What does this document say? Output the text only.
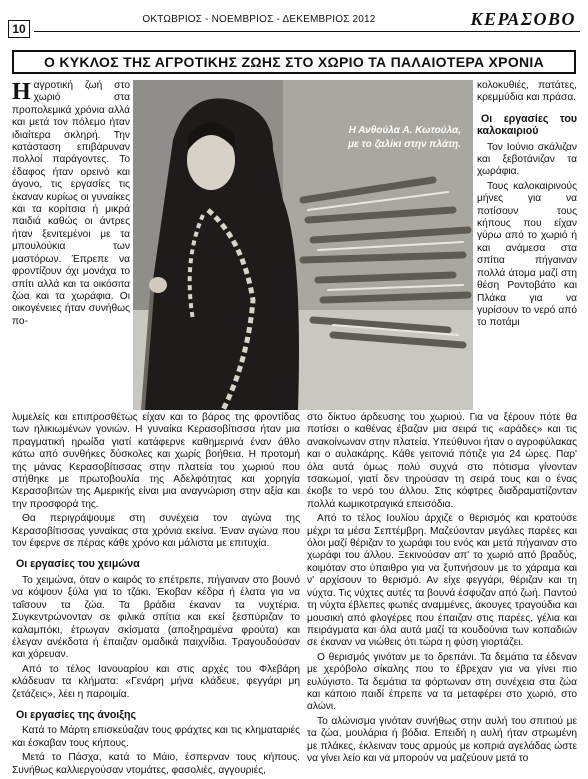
10
ΟΚΤΩΒΡΙΟΣ - ΝΟΕΜΒΡΙΟΣ - ΔΕΚΕΜΒΡΙΟΣ 2012	ΚΕΡΑΣΟΒΟ
Ο ΚΥΚΛΟΣ ΤΗΣ ΑΓΡΟΤΙΚΗΣ ΖΩΗΣ ΣΤΟ ΧΩΡΙΟ ΤΑ ΠΑΛΑΙΟΤΕΡΑ ΧΡΟΝΙΑ
Η Ανθούλα Α. Κωτούλα,
με το ζαλίκι στην πλάτη.

Ηαγροτική ζωή στο χωριό στα προπολεμικά χρόνια αλλά και μετά τον πόλεμο ήταν ιδιαίτερα σκληρή. Την κατάσταση επιβάρυναν πολλοί παράγοντες. Το έδαφος ήταν ορεινό και άγονο, τις εργασίες τις έκαναν κυρίως οι γυναίκες και τα κορίτσια ή μικρά παιδιά καθώς οι άντρες ήταν ξενιτεμένοι με τα μπουλούκια των μαστόρων. Έπρεπε να φροντίζουν όχι μονάχα το σπίτι αλλά και τα οικόσιτα ζώα και τα χωράφια. Οι οικογένειες ήταν συνήθως πο-

λυμελείς και επιπροσθέτως είχαν και το βάρος της φροντίδας των ηλικιωμένων γονιών. Η γυναίκα Κερασοβίτισσα ήταν μια πραγματική ηρωίδα γιατί κατάφερνε καθημερινά έναν άθλο κάτω από συνθήκες δύσκολες και χωρίς βοήθεια. Η προτομή της μάνας Κερασοβίτισσας στην πλατεία του χωριού που στήθηκε με πρωτοβουλία της Αδελφότητας και χορηγία Κερασοβιτών της Αμερικής είναι μια αναγνώριση στην αξία και την προσφορά της.

Θα περιγράψουμε στη συνέχεια τον αγώνα της Κερασοβίτισσας γυναίκας στα χρόνια εκείνα. Έναν αγώνα που τον έφερνε σε πέρας κάθε χρόνο και μάλιστα με επιτυχία.

Οι εργασίες του χειμώνα

Το χειμώνα, όταν ο καιρός το επέτρεπε, πήγαιναν στο βουνό να κόψουν ξύλα για το τζάκι. Έκοβαν κέδρα ή έλατα για να ταΐσουν τα ζώα. Τα βράδια έκαναν τα νυχτέρια. Συγκεντρώνονταν σε φιλικά σπίτια και εκεί ξεσπύριζαν το καλαμπόκι, έτρωγαν σκίσματα (αποξηραμένα φρούτα) και έλεγαν ανέκδοτα ή έπαιζαν ομαδικά παιχνίδια. Τραγουδούσαν και χόρευαν.

Από το τέλος Ιανουαρίου και στις αρχές του Φλεβάρη κλάδευαν τα κλήματα: «Γενάρη μήνα κλάδευε, φεγγάρι μη ζετάζεις», λέει η παροιμία.

Οι εργασίες της άνοιξης

Κατά το Μάρτη επισκεύαζαν τους φράχτες και τις κληματαριές και έσκαβαν τους κήπους.

Μετά το Πάσχα, κατά το Μάιο, έσπερναν τους κήπους. Συνήθως καλλιεργούσαν ντομάτες, φασολιές, αγγουριές,

κολοκυθιές, πατάτες, κρεμμύδια και πράσα.

Οι εργασίες του καλοκαιριού

Τον Ιούνιο σκάλιζαν και ξεβοτάνιζαν τα χωράφια.

Τους καλοκαιρινούς μήνες για να ποτίσουν τους κήπους που είχαν γύρω από το χωριό ή και ανάμεσα στα σπίτια πήγαιναν πολλά άτομα μαζί στη θέση Ροντοβάτο και Πλάκα για να γυρίσουν το νερό από το ποτάμι

στο δίκτυο άρδευσης του χωριού. Για να ξέρουν πότε θα ποτίσει ο καθένας έβαζαν μια σειρά τις «αράδες» και τις ανακοίνωναν στην πλατεία. Υπεύθυνοι ήταν ο αγροφύλακας και ο αυλακάρης. Κάθε γειτονιά πότιζε για 24 ώρες. Παρ' όλα αυτά όμως πολύ συχνά στο πότισμα γίνονταν τσακωμοί, γιατί δεν τηρούσαν τη σειρά τους και ο ένας έκοβε το νερό του άλλου. Στις κόφτρες διαδραματίζονταν πολλά κωμικοτραγικά επεισόδια.

Από το τέλος Ιουλίου άρχιζε ο θερισμός και κρατούσε μέχρι τα μέσα Σεπτέμβρη. Μαζεύονταν μεγάλες παρέες και όλοι μαζί θέριζαν το χωράφι του ενός και μετά πήγαιναν στο χωράφι του άλλου. Ξεκινούσαν απ' το χωριό από βραδύς, κοιμόταν στο ύπαιθρο για να ξυπνήσουν με το χάραμα και ν' αρχίσουν το θερισμό. Αν είχε φεγγάρι, θέριζαν και τη νύχτα. Τις νύχτες αυτές τα βουνά έσφυζαν από ζωή. Παντού τη νύχτα έβλεπες φωτιές αναμμένες, άκουγες τραγούδια και μουσική από φλογέρες που έπαιζαν στις παρέες, γέλια και πειράγματα και όλα αυτά μαζί τα κουδούνια των κοπαδιών σε έκαναν να νιώθεις ότι τώρα η φύση γιορτάζει.

Ο θερισμός γινόταν με το δρεπάνι. Τα δεμάτια τα έδεναν με χερόβολο σίκαλης που το έβρεχαν για να γίνει πιο ευλύγιστο. Τα δεμάτια τα φόρτωναν στη συνέχεια στα ζώα και κάποιο παιδί έπρεπε να τα μεταφέρει στο χωριό, στο αλώνι.

Το αλώνισμα γινόταν συνήθως στην αυλή του σπιτιού με τα ζώα, μουλάρια ή βόδια. Επειδή η αυλή ήταν στρωμένη με πλάκες, έκλειναν τους αρμούς με κοπριά αγελάδας ώστε να γίνει λείο και να μπορούν να μαζεύουν μετά το
